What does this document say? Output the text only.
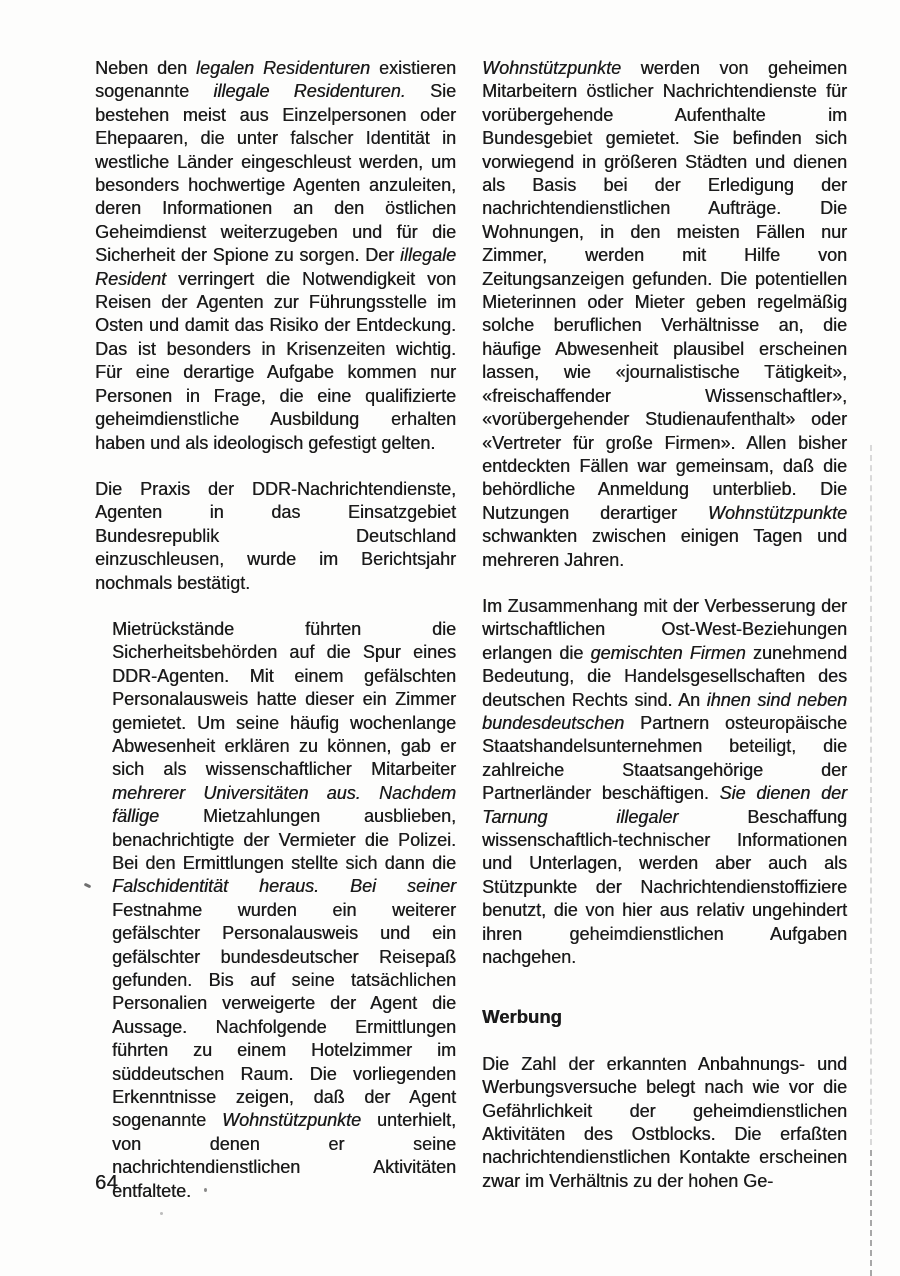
Neben den legalen Residenturen existieren sogenannte illegale Residenturen. Sie bestehen meist aus Einzelpersonen oder Ehepaaren, die unter falscher Identität in westliche Länder eingeschleust werden, um besonders hochwertige Agenten anzuleiten, deren Informationen an den östlichen Geheimdienst weiterzugeben und für die Sicherheit der Spione zu sorgen. Der illegale Resident verringert die Notwendigkeit von Reisen der Agenten zur Führungsstelle im Osten und damit das Risiko der Entdeckung. Das ist besonders in Krisenzeiten wichtig. Für eine derartige Aufgabe kommen nur Personen in Frage, die eine qualifizierte geheimdienstliche Ausbildung erhalten haben und als ideologisch gefestigt gelten.

Die Praxis der DDR-Nachrichtendienste, Agenten in das Einsatzgebiet Bundesrepublik Deutschland einzuschleusen, wurde im Berichtsjahr nochmals bestätigt.

Mietrückstände führten die Sicherheitsbehörden auf die Spur eines DDR-Agenten. Mit einem gefälschten Personalausweis hatte dieser ein Zimmer gemietet. Um seine häufig wochenlange Abwesenheit erklären zu können, gab er sich als wissenschaftlicher Mitarbeiter mehrerer Universitäten aus. Nachdem fällige Mietzahlungen ausblieben, benachrichtigte der Vermieter die Polizei. Bei den Ermittlungen stellte sich dann die Falschidentität heraus. Bei seiner Festnahme wurden ein weiterer gefälschter Personalausweis und ein gefälschter bundesdeutscher Reisepaß gefunden. Bis auf seine tatsächlichen Personalien verweigerte der Agent die Aussage. Nachfolgende Ermittlungen führten zu einem Hotelzimmer im süddeutschen Raum. Die vorliegenden Erkenntnisse zeigen, daß der Agent sogenannte Wohnstützpunkte unterhielt, von denen er seine nachrichtendienstlichen Aktivitäten entfaltete.

Wohnstützpunkte werden von geheimen Mitarbeitern östlicher Nachrichtendienste für vorübergehende Aufenthalte im Bundesgebiet gemietet. Sie befinden sich vorwiegend in größeren Städten und dienen als Basis bei der Erledigung der nachrichtendienstlichen Aufträge. Die Wohnungen, in den meisten Fällen nur Zimmer, werden mit Hilfe von Zeitungsanzeigen gefunden. Die potentiellen Mieterinnen oder Mieter geben regelmäßig solche beruflichen Verhältnisse an, die häufige Abwesenheit plausibel erscheinen lassen, wie «journalistische Tätigkeit», «freischaffender Wissenschaftler», «vorübergehender Studienaufenthalt» oder «Vertreter für große Firmen». Allen bisher entdeckten Fällen war gemeinsam, daß die behördliche Anmeldung unterblieb. Die Nutzungen derartiger Wohnstützpunkte schwankten zwischen einigen Tagen und mehreren Jahren.

Im Zusammenhang mit der Verbesserung der wirtschaftlichen Ost-West-Beziehungen erlangen die gemischten Firmen zunehmend Bedeutung, die Handelsgesellschaften des deutschen Rechts sind. An ihnen sind neben bundesdeutschen Partnern osteuropäische Staatshandelsunternehmen beteiligt, die zahlreiche Staatsangehörige der Partnerländer beschäftigen. Sie dienen der Tarnung illegaler Beschaffung wissenschaftlich-technischer Informationen und Unterlagen, werden aber auch als Stützpunkte der Nachrichtendienstoffiziere benutzt, die von hier aus relativ ungehindert ihren geheimdienstlichen Aufgaben nachgehen.

Werbung

Die Zahl der erkannten Anbahnungs- und Werbungsversuche belegt nach wie vor die Gefährlichkeit der geheimdienstlichen Aktivitäten des Ostblocks. Die erfaßten nachrichtendienstlichen Kontakte erscheinen zwar im Verhältnis zu der hohen Ge-

64
